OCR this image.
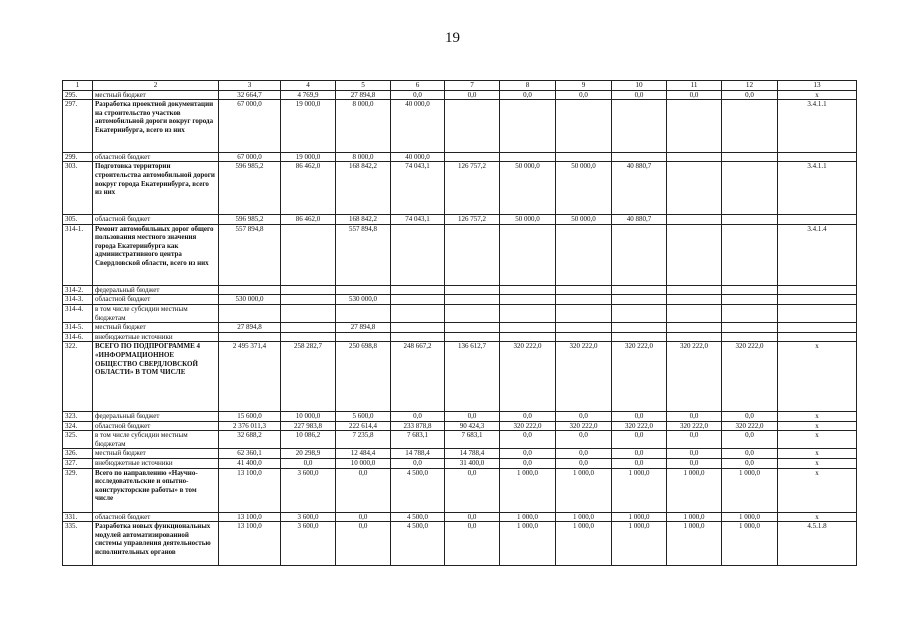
19
1	2	3	4	5	6	7	8	9	10	11	12	13
295.	местный бюджет	32 664,7	4 769,9	27 894,8	0,0	0,0	0,0	0,0	0,0	0,0	0,0	x
297.	Разработка проектной документации на строительство участков автомобильной дороги вокруг города Екатеринбурга, всего из них	67 000,0	19 000,0	8 000,0	40 000,0							3.4.1.1
299.	областной бюджет	67 000,0	19 000,0	8 000,0	40 000,0							
303.	Подготовка территории строительства автомобильной дороги вокруг города Екатеринбурга, всего из них	596 985,2	86 462,0	168 842,2	74 043,1	126 757,2	50 000,0	50 000,0	40 880,7			3.4.1.1
305.	областной бюджет	596 985,2	86 462,0	168 842,2	74 043,1	126 757,2	50 000,0	50 000,0	40 880,7			
314-1.	Ремонт автомобильных дорог общего пользования местного значения города Екатеринбурга как административного центра Свердловской области, всего из них	557 894,8		557 894,8								3.4.1.4
314-2.	федеральный бюджет											
314-3.	областной бюджет	530 000,0		530 000,0								
314-4.	в том числе субсидии местным бюджетам											
314-5.	местный бюджет	27 894,8		27 894,8								
314-6.	внебюджетные источники											
322.	ВСЕГО ПО ПОДПРОГРАММЕ 4 «ИНФОРМАЦИОННОЕ ОБЩЕСТВО СВЕРДЛОВСКОЙ ОБЛАСТИ» В ТОМ ЧИСЛЕ	2 495 371,4	258 282,7	250 698,8	248 667,2	136 612,7	320 222,0	320 222,0	320 222,0	320 222,0	320 222,0	x
323.	федеральный бюджет	15 600,0	10 000,0	5 600,0	0,0	0,0	0,0	0,0	0,0	0,0	0,0	x
324.	областной бюджет	2 376 011,3	227 983,8	222 614,4	233 878,8	90 424,3	320 222,0	320 222,0	320 222,0	320 222,0	320 222,0	x
325.	в том числе субсидии местным бюджетам	32 688,2	10 086,2	7 235,8	7 683,1	7 683,1	0,0	0,0	0,0	0,0	0,0	x
326.	местный бюджет	62 360,1	20 298,9	12 484,4	14 788,4	14 788,4	0,0	0,0	0,0	0,0	0,0	x
327.	внебюджетные источники	41 400,0	0,0	10 000,0	0,0	31 400,0	0,0	0,0	0,0	0,0	0,0	x
329.	Всего по направлению «Научно-исследовательские и опытно-конструкторские работы» в том числе	13 100,0	3 600,0	0,0	4 500,0	0,0	1 000,0	1 000,0	1 000,0	1 000,0	1 000,0	x
331.	областной бюджет	13 100,0	3 600,0	0,0	4 500,0	0,0	1 000,0	1 000,0	1 000,0	1 000,0	1 000,0	x
335.	Разработка новых функциональных модулей автоматизированной системы управления деятельностью исполнительных органов	13 100,0	3 600,0	0,0	4 500,0	0,0	1 000,0	1 000,0	1 000,0	1 000,0	1 000,0	4.5.1.8
